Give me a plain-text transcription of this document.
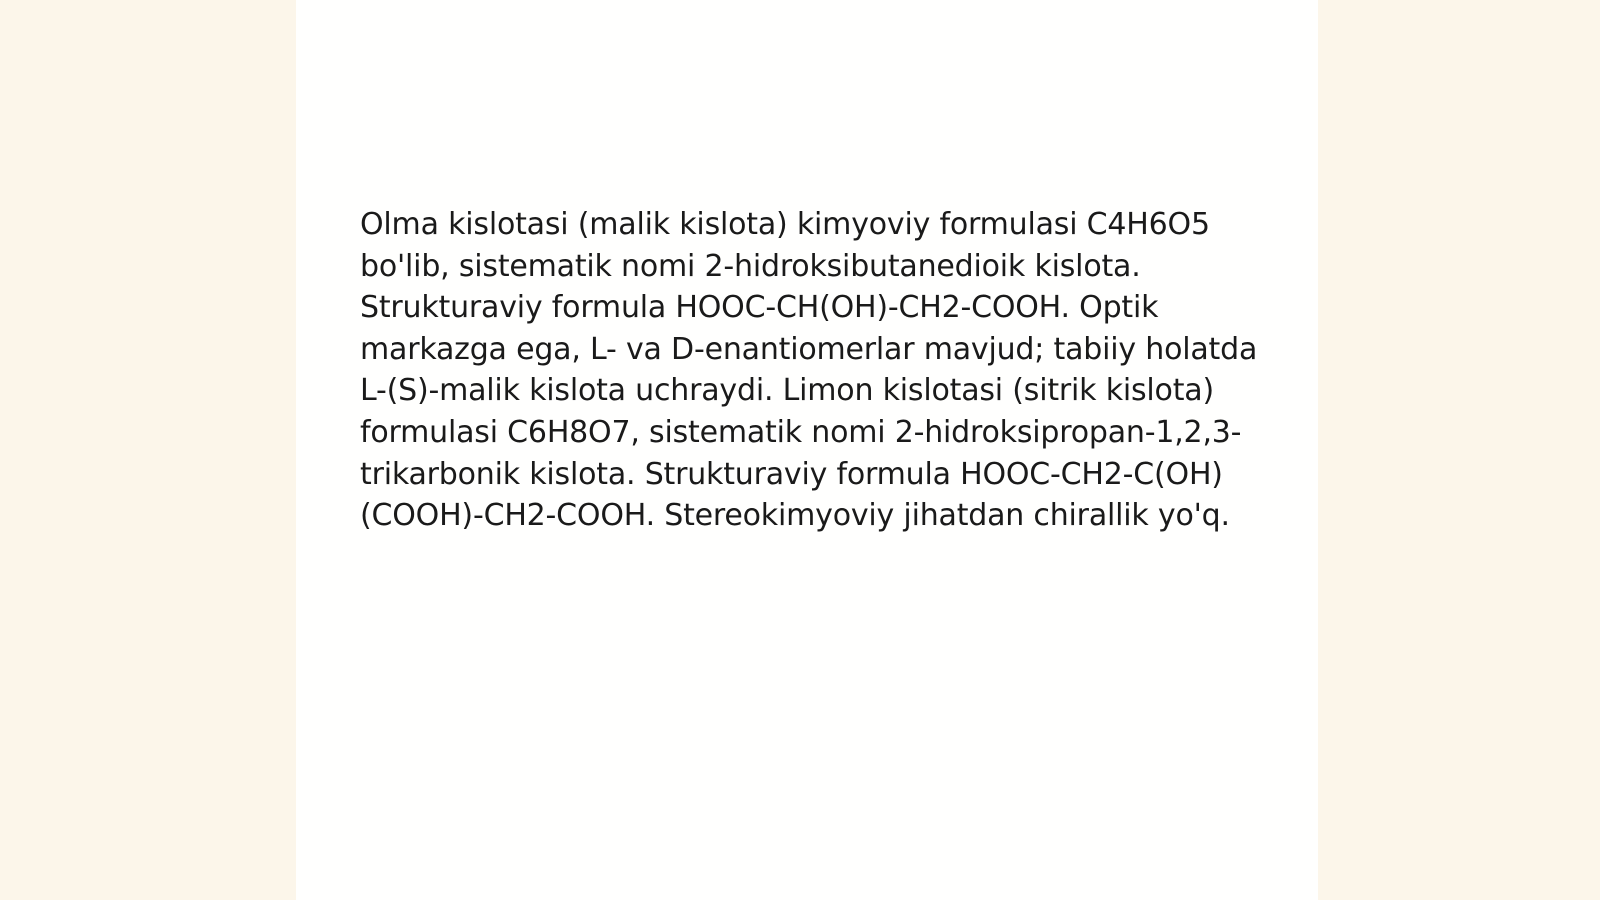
Olma kislotasi (malik kislota) kimyoviy formulasi C4H6O5 bo'lib, sistematik nomi 2-hidroksibutanedioik kislota. Strukturaviy formula HOOC-CH(OH)-CH2-COOH. Optik markazga ega, L- va D-enantiomerlar mavjud; tabiiy holatda L-(S)-malik kislota uchraydi. Limon kislotasi (sitrik kislota) formulasi C6H8O7, sistematik nomi 2-hidroksipropan-1,2,3-trikarbonik kislota. Strukturaviy formula HOOC-CH2-C(OH)(COOH)-CH2-COOH. Stereokimyoviy jihatdan chirallik yo'q.
